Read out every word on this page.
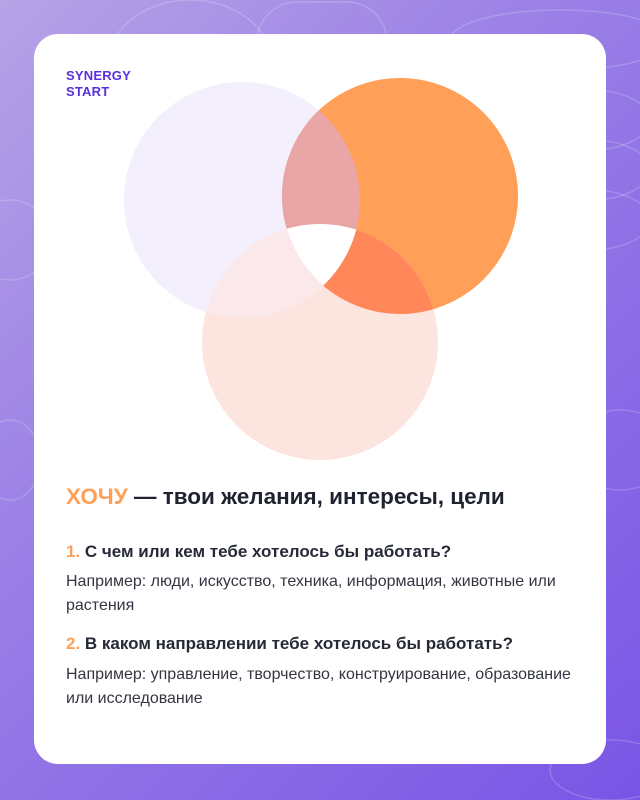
SYNERGY
START
ХОЧУ — твои желания, интересы, цели
1. С чем или кем тебе хотелось бы работать?
Например: люди, искусство, техника, информация, животные или растения
2. В каком направлении тебе хотелось бы работать?
Например: управление, творчество, конструирование, образование или исследование
